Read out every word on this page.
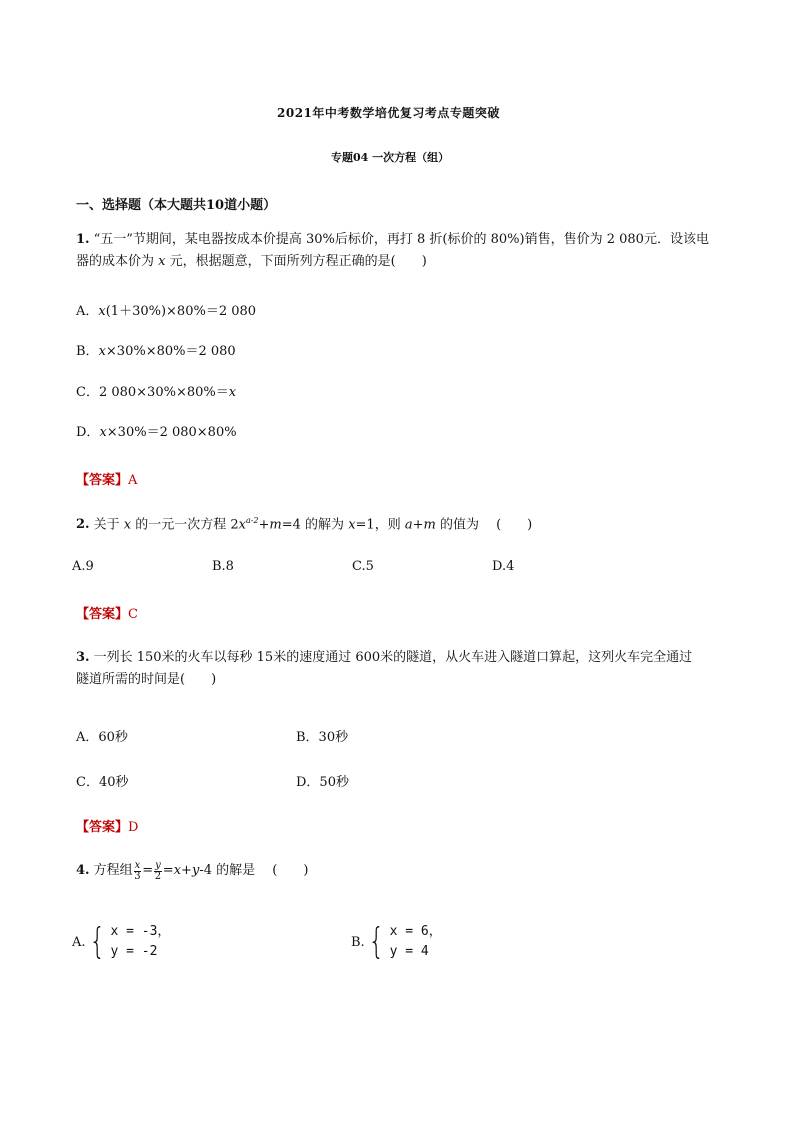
2021年中考数学培优复习考点专题突破
专题04 一次方程（组）
一、选择题（本大题共10道小题）
1. “五一”节期间，某电器按成本价提高 30%后标价，再打 8 折(标价的 80%)销售，售价为 2 080元．设该电
器的成本价为 x 元，根据题意，下面所列方程正确的是(　　)
A．x(1＋30%)×80%＝2 080
B．x×30%×80%＝2 080
C．2 080×30%×80%＝x
D．x×30%＝2 080×80%
【答案】A
2. 关于 x 的一元一次方程 $2x^{a-2}+m=4$ 的解为 x=1，则 a+m 的值为　 (　　)
A.9	B.8	C.5	D.4
【答案】C
3. 一列长 150米的火车以每秒 15米的速度通过 600米的隧道，从火车进入隧道口算起，这列火车完全通过
隧道所需的时间是(　　)
A．60秒	B．30秒
C．40秒	D．50秒
【答案】D
4. 方程组 $\frac{x}{3} = \frac{y}{2} = x + y$ -4 的解是　 (　　)
A. { x = -3，
y = -2
B. { x = 6，
y = 4
